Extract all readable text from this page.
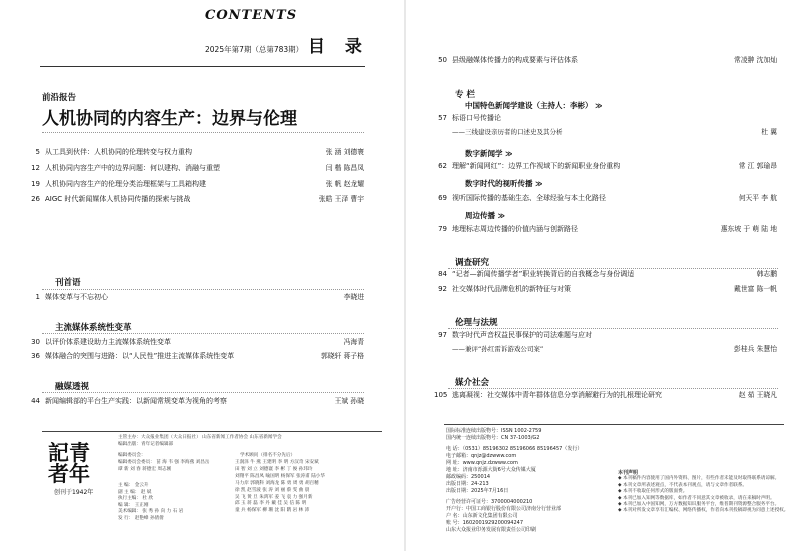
CONTENTS
2025年第7期（总第783期） 目 录
前沿报告
人机协同的内容生产：边界与伦理
5 从工具到伙伴：人机协同的伦理转变与权力重构	张 涵 刘德寰
12 人机协同内容生产中的边界问题：何以建构、消融与重塑	闫 楷 陈昌凤
19 人机协同内容生产的伦理分类治理框架与工具箱构建	张 帆 赵龙耀
26 AIGC 时代新闻媒体人机协同传播的探索与挑战	张皓 王泽 曹宇
刊首语
1 媒体变革与不忘初心	李晓进
主流媒体系统性变革
30 以评价体系建设助力主流媒体系统性变革	冯海青
36 媒体融合的突围与进路：以“人民性”推进主流媒体系统性变革	郭晓轩 蒋子格
融媒透视
44 新闻编辑部的平台生产实践：以新闻常规变革为视角的考察	王斌 孙晓
記青
者年
创刊于1942年
主管主办：大众报业集团（大众日报社） 山东省新闻工作者协会 山东省新闻学会
编辑出版：青年记者编辑部
编辑委员会：
编辑委员会委员： 苗 海 韦 强 李海燕 刘昌岳
谭 新 刘 春 蒋德宏 周志刚
主 编： 金云升
副 主 编： 赵 斌
执行主编： 杜 欣
编 辑： 王正刚
美术编辑： 张 秀 孙 向 力 石 岩
发 行： 赵艳峰 孙倩倩
学术顾问（排名不分先后）
王润泽 牛 燕 王建明 李 明 方汉奇 宋安斌
田 智 刘 立 刘德寰 李 彬 丁 俊 孙玮玲
刘翔平 陈昌凤 喻国明 杨保军 张涛甫 陆小华
马力岸 郭晓科 刘海龙 陈 勇 周 勇 胡百精
徐 凯 赵雪波 张 涛 刘 丽 蔡 雯 曲 晨
吴 飞 黄 旦 朱鸿军 姜 飞 袁 力 强月新
邱 玉 蒋 磊 李 丹 戴 佳 吴 信 陈 明
童 兵 杨保军 柳 珊 沈 阳 隋 岩 林 沛
50 县级融媒体传播力的构成要素与评估体系	常凌翀 沈加灿
专 栏
中国特色新闻学建设（主持人：李彬） ≫
57 标语口号传播论
——三线建设亲历者的口述史及其分析	杜 翼
数字新闻学 ≫
62 理解“新闻网红”：边界工作视域下的新闻职业身份重构	常 江 郭瑜昂
数字时代的视听传播 ≫
69 视听国际传播的基础生态、全球经验与本土化路径	何天平 李 航
周边传播 ≫
79 地理标志周边传播的价值内涵与创新路径	惠东坡 于 萌 陆 地
调查研究
84 “记者—新闻传播学者”职业转换背后的自我概念与身份调适	韩志鹏
92 社交媒体时代品牌危机的新特征与对策	戴世富 陈一帆
伦理与法规
97 数字时代声音权益民事保护的司法难题与应对
——兼评“孙红雷诉游戏公司案”	彭桂兵 朱慧怡
媒介社会
105 逃离凝视：社交媒体中青年群体信息分享消解避行为的扎根理论研究	赵 茹 王晓凡
国际标准连续出版物号：ISSN 1002-2759
国内统一连续出版物号：CN 37-1003/G2
电 话：（0531）85196302 85196066 85196457（发行）
电子邮箱：qnjz@dzwww.com
网 址：www.qnjz.dzwww.com
地 址：济南市泺源大街6号大众传媒大厦
邮政编码：250014
出版日期：24-213
出版日期：2025年7月16日
广告经营许可证号：3700004000210
开户行：中国工商银行股份有限公司济南分行营业部
户 名：山东新文化集团有限公司
账 号：1602001929200094247
山东大众报业印务发展有限责任公司印刷
本刊声明
◆ 本刊稿件内容使用了国内外资料、图片，有些作者未能及时取得联系请谅解。
◆ 本刊文章所表述观点，不代表本刊观点，请与文章作者联系。
◆ 本刊不收取任何形式的版面费。
◆ 本刊已加入知网等数据库，如作者不同意其文章被收录，请在来稿时声明。
◆ 本刊已加入中国知网，万方数据知识服务平台，维普期刊资源整合服务平台。
◆ 本刊对所发文章享有汇编权、网络传播权，作者向本刊投稿即视为同意上述授权。
